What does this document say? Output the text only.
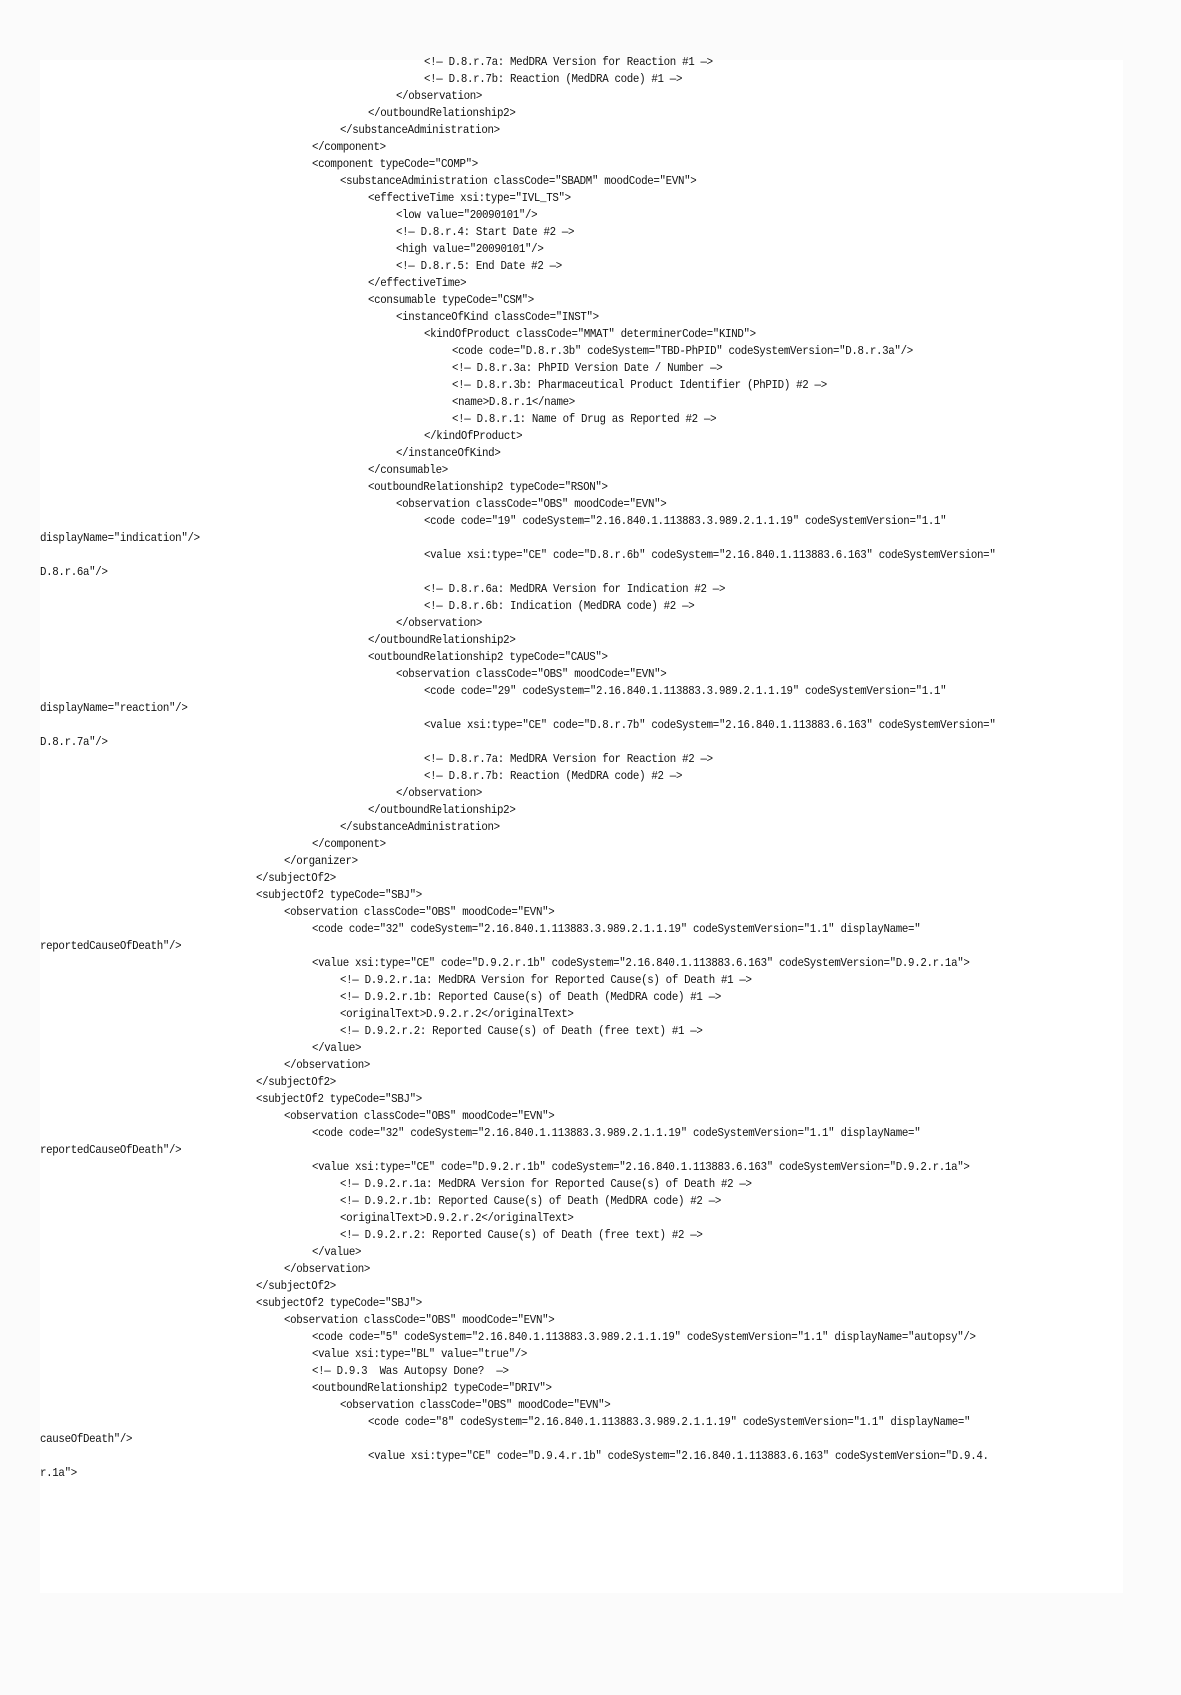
<!— D.8.r.7a: MedDRA Version for Reaction #1 —>
<!— D.8.r.7b: Reaction (MedDRA code) #1 —>
</observation>
</outboundRelationship2>
</substanceAdministration>
</component>
<component typeCode="COMP">
<substanceAdministration classCode="SBADM" moodCode="EVN">
<effectiveTime xsi:type="IVL_TS">
<low value="20090101"/>
<!— D.8.r.4: Start Date #2 —>
<high value="20090101"/>
<!— D.8.r.5: End Date #2 —>
</effectiveTime>
<consumable typeCode="CSM">
<instanceOfKind classCode="INST">
<kindOfProduct classCode="MMAT" determinerCode="KIND">
<code code="D.8.r.3b" codeSystem="TBD-PhPID" codeSystemVersion="D.8.r.3a"/>
<!— D.8.r.3a: PhPID Version Date / Number —>
<!— D.8.r.3b: Pharmaceutical Product Identifier (PhPID) #2 —>
<name>D.8.r.1</name>
<!— D.8.r.1: Name of Drug as Reported #2 —>
</kindOfProduct>
</instanceOfKind>
</consumable>
<outboundRelationship2 typeCode="RSON">
<observation classCode="OBS" moodCode="EVN">
<code code="19" codeSystem="2.16.840.1.113883.3.989.2.1.1.19" codeSystemVersion="1.1"
displayName="indication"/>
<value xsi:type="CE" code="D.8.r.6b" codeSystem="2.16.840.1.113883.6.163" codeSystemVersion="
D.8.r.6a"/>
<!— D.8.r.6a: MedDRA Version for Indication #2 —>
<!— D.8.r.6b: Indication (MedDRA code) #2 —>
</observation>
</outboundRelationship2>
<outboundRelationship2 typeCode="CAUS">
<observation classCode="OBS" moodCode="EVN">
<code code="29" codeSystem="2.16.840.1.113883.3.989.2.1.1.19" codeSystemVersion="1.1"
displayName="reaction"/>
<value xsi:type="CE" code="D.8.r.7b" codeSystem="2.16.840.1.113883.6.163" codeSystemVersion="
D.8.r.7a"/>
<!— D.8.r.7a: MedDRA Version for Reaction #2 —>
<!— D.8.r.7b: Reaction (MedDRA code) #2 —>
</observation>
</outboundRelationship2>
</substanceAdministration>
</component>
</organizer>
</subjectOf2>
<subjectOf2 typeCode="SBJ">
<observation classCode="OBS" moodCode="EVN">
<code code="32" codeSystem="2.16.840.1.113883.3.989.2.1.1.19" codeSystemVersion="1.1" displayName="
reportedCauseOfDeath"/>
<value xsi:type="CE" code="D.9.2.r.1b" codeSystem="2.16.840.1.113883.6.163" codeSystemVersion="D.9.2.r.1a">
<!— D.9.2.r.1a: MedDRA Version for Reported Cause(s) of Death #1 —>
<!— D.9.2.r.1b: Reported Cause(s) of Death (MedDRA code) #1 —>
<originalText>D.9.2.r.2</originalText>
<!— D.9.2.r.2: Reported Cause(s) of Death (free text) #1 —>
</value>
</observation>
</subjectOf2>
<subjectOf2 typeCode="SBJ">
<observation classCode="OBS" moodCode="EVN">
<code code="32" codeSystem="2.16.840.1.113883.3.989.2.1.1.19" codeSystemVersion="1.1" displayName="
reportedCauseOfDeath"/>
<value xsi:type="CE" code="D.9.2.r.1b" codeSystem="2.16.840.1.113883.6.163" codeSystemVersion="D.9.2.r.1a">
<!— D.9.2.r.1a: MedDRA Version for Reported Cause(s) of Death #2 —>
<!— D.9.2.r.1b: Reported Cause(s) of Death (MedDRA code) #2 —>
<originalText>D.9.2.r.2</originalText>
<!— D.9.2.r.2: Reported Cause(s) of Death (free text) #2 —>
</value>
</observation>
</subjectOf2>
<subjectOf2 typeCode="SBJ">
<observation classCode="OBS" moodCode="EVN">
<code code="5" codeSystem="2.16.840.1.113883.3.989.2.1.1.19" codeSystemVersion="1.1" displayName="autopsy"/>
<value xsi:type="BL" value="true"/>
<!— D.9.3  Was Autopsy Done?  —>
<outboundRelationship2 typeCode="DRIV">
<observation classCode="OBS" moodCode="EVN">
<code code="8" codeSystem="2.16.840.1.113883.3.989.2.1.1.19" codeSystemVersion="1.1" displayName="
causeOfDeath"/>
<value xsi:type="CE" code="D.9.4.r.1b" codeSystem="2.16.840.1.113883.6.163" codeSystemVersion="D.9.4.
r.1a">
